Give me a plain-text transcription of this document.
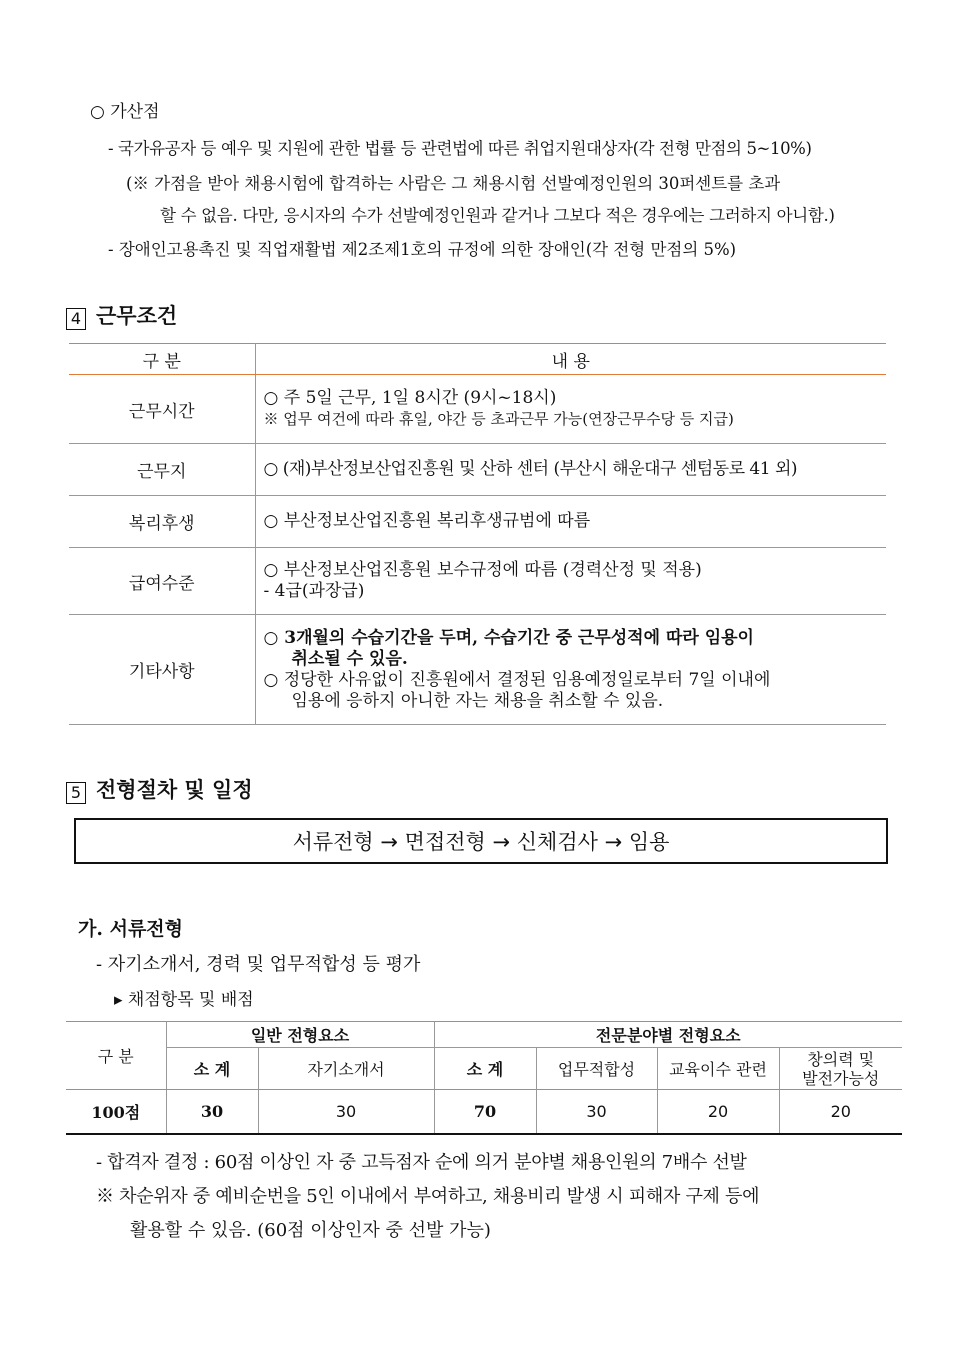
○ 가산점
- 국가유공자 등 예우 및 지원에 관한 법률 등 관련법에 따른 취업지원대상자(각 전형 만점의 5~10%)
(※ 가점을 받아 채용시험에 합격하는 사람은 그 채용시험 선발예정인원의 30퍼센트를 초과
할 수 없음. 다만, 응시자의 수가 선발예정인원과 같거나 그보다 적은 경우에는 그러하지 아니함.)
- 장애인고용촉진 및 직업재활법 제2조제1호의 규정에 의한 장애인(각 전형 만점의 5%)
4 근무조건
구 분	내 용
근무시간	○ 주 5일 근무, 1일 8시간 (9시~18시)
※ 업무 여건에 따라 휴일, 야간 등 초과근무 가능(연장근무수당 등 지급)

근무지	○ (재)부산정보산업진흥원 및 산하 센터 (부산시 해운대구 센텀동로 41 외)

복리후생	○ 부산정보산업진흥원 복리후생규범에 따름

급여수준	○ 부산정보산업진흥원 보수규정에 따름 (경력산정 및 적용)
- 4급(과장급)

기타사항	○ 3개월의 수습기간을 두며, 수습기간 중 근무성적에 따라 임용이
취소될 수 있음.
○ 정당한 사유없이 진흥원에서 결정된 임용예정일로부터 7일 이내에
임용에 응하지 아니한 자는 채용을 취소할 수 있음.
5 전형절차 및 일정
서류전형 → 면접전형 → 신체검사 → 임용
가. 서류전형
- 자기소개서, 경력 및 업무적합성 등 평가
▸ 채점항목 및 배점
구 분	일반 전형요소		전문분야별 전형요소			
	소 계	자기소개서	소 계	업무적합성	교육이수 관련	창의력 및
발전가능성

100점	30	30	70	30	20	20
- 합격자 결정 : 60점 이상인 자 중 고득점자 순에 의거 분야별 채용인원의 7배수 선발
※ 차순위자 중 예비순번을 5인 이내에서 부여하고, 채용비리 발생 시 피해자 구제 등에
활용할 수 있음. (60점 이상인자 중 선발 가능)
